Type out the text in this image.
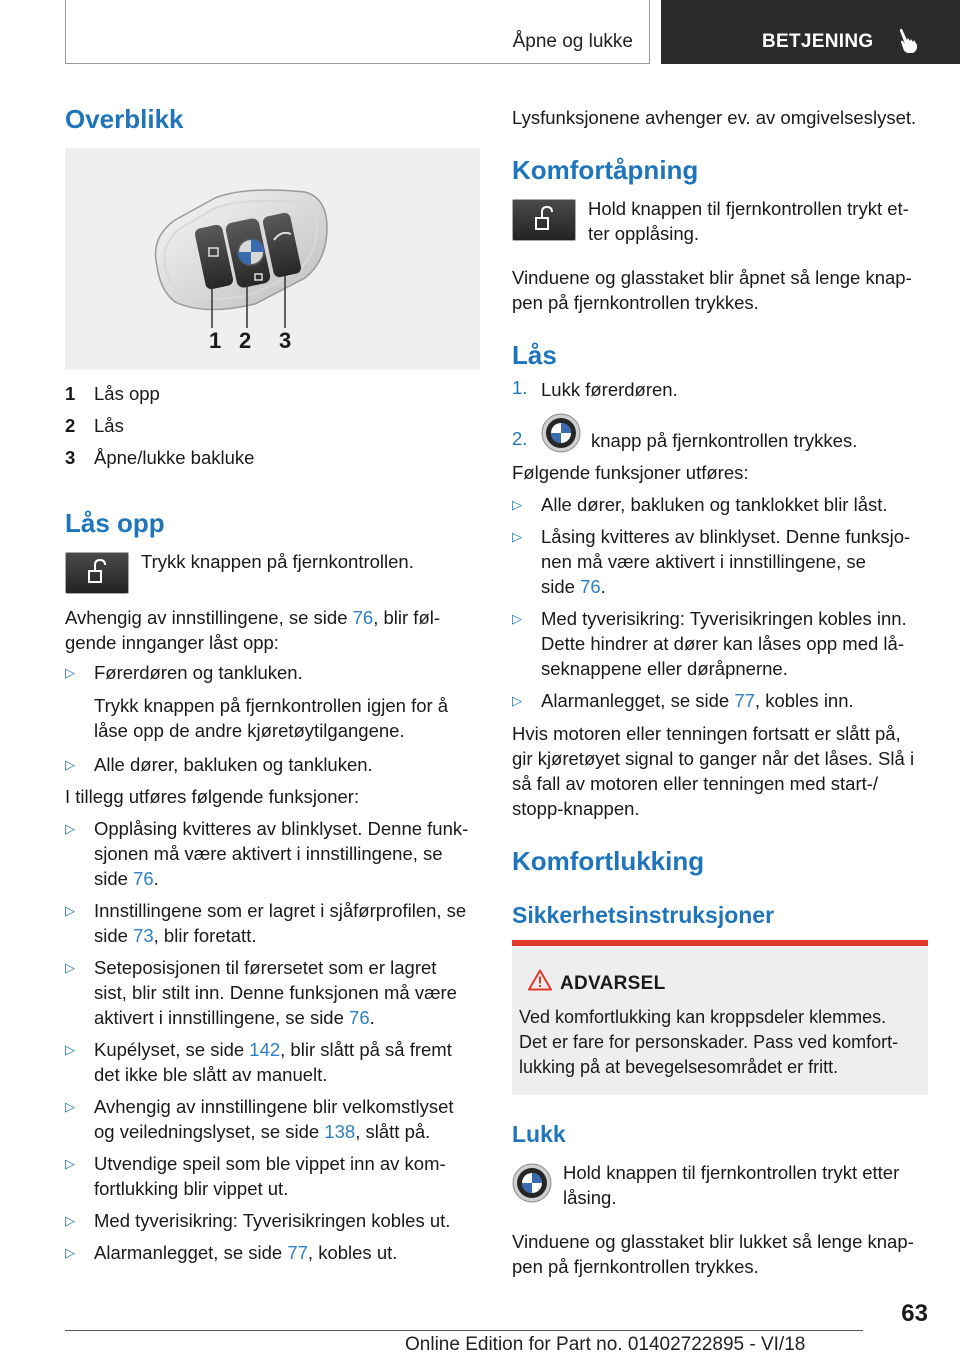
Åpne og lukke	BETJENING
Overblikk
1 2 3
1 Lås opp
2 Lås
3 Åpne/lukke bakluke
Lås opp
Trykk knappen på fjernkontrollen.
Avhengig av innstillingene, se side 76, blir føl-
gende innganger låst opp:
▷ Førerdøren og tankluken.
Trykk knappen på fjernkontrollen igjen for å
låse opp de andre kjøretøytilgangene.
▷ Alle dører, bakluken og tankluken.
I tillegg utføres følgende funksjoner:
▷ Opplåsing kvitteres av blinklyset. Denne funk-
sjonen må være aktivert i innstillingene, se
side 76.
▷ Innstillingene som er lagret i sjåførprofilen, se
side 73, blir foretatt.
▷ Seteposisjonen til førersetet som er lagret
sist, blir stilt inn. Denne funksjonen må være
aktivert i innstillingene, se side 76.
▷ Kupélyset, se side 142, blir slått på så fremt
det ikke ble slått av manuelt.
▷ Avhengig av innstillingene blir velkomstlyset
og veiledningslyset, se side 138, slått på.
▷ Utvendige speil som ble vippet inn av kom-
fortlukking blir vippet ut.
▷ Med tyverisikring: Tyverisikringen kobles ut.
▷ Alarmanlegget, se side 77, kobles ut.
Lysfunksjonene avhenger ev. av omgivelseslyset.
Komfortåpning
Hold knappen til fjernkontrollen trykt et-
ter opplåsing.
Vinduene og glasstaket blir åpnet så lenge knap-
pen på fjernkontrollen trykkes.
Lås
1. Lukk førerdøren.
2.	knapp på fjernkontrollen trykkes.
Følgende funksjoner utføres:
▷ Alle dører, bakluken og tanklokket blir låst.
▷ Låsing kvitteres av blinklyset. Denne funksjo-
nen må være aktivert i innstillingene, se
side 76.
▷ Med tyverisikring: Tyverisikringen kobles inn.
Dette hindrer at dører kan låses opp med lå-
seknappene eller døråpnerne.
▷ Alarmanlegget, se side 77, kobles inn.
Hvis motoren eller tenningen fortsatt er slått på,
gir kjøretøyet signal to ganger når det låses. Slå i
så fall av motoren eller tenningen med start-/
stopp-knappen.
Komfortlukking
Sikkerhetsinstruksjoner
ADVARSEL
Ved komfortlukking kan kroppsdeler klemmes.
Det er fare for personskader. Pass ved komfort-
lukking på at bevegelsesområdet er fritt.
Lukk
Hold knappen til fjernkontrollen trykt etter
låsing.
Vinduene og glasstaket blir lukket så lenge knap-
pen på fjernkontrollen trykkes.
63
Online Edition for Part no. 01402722895 - VI/18
